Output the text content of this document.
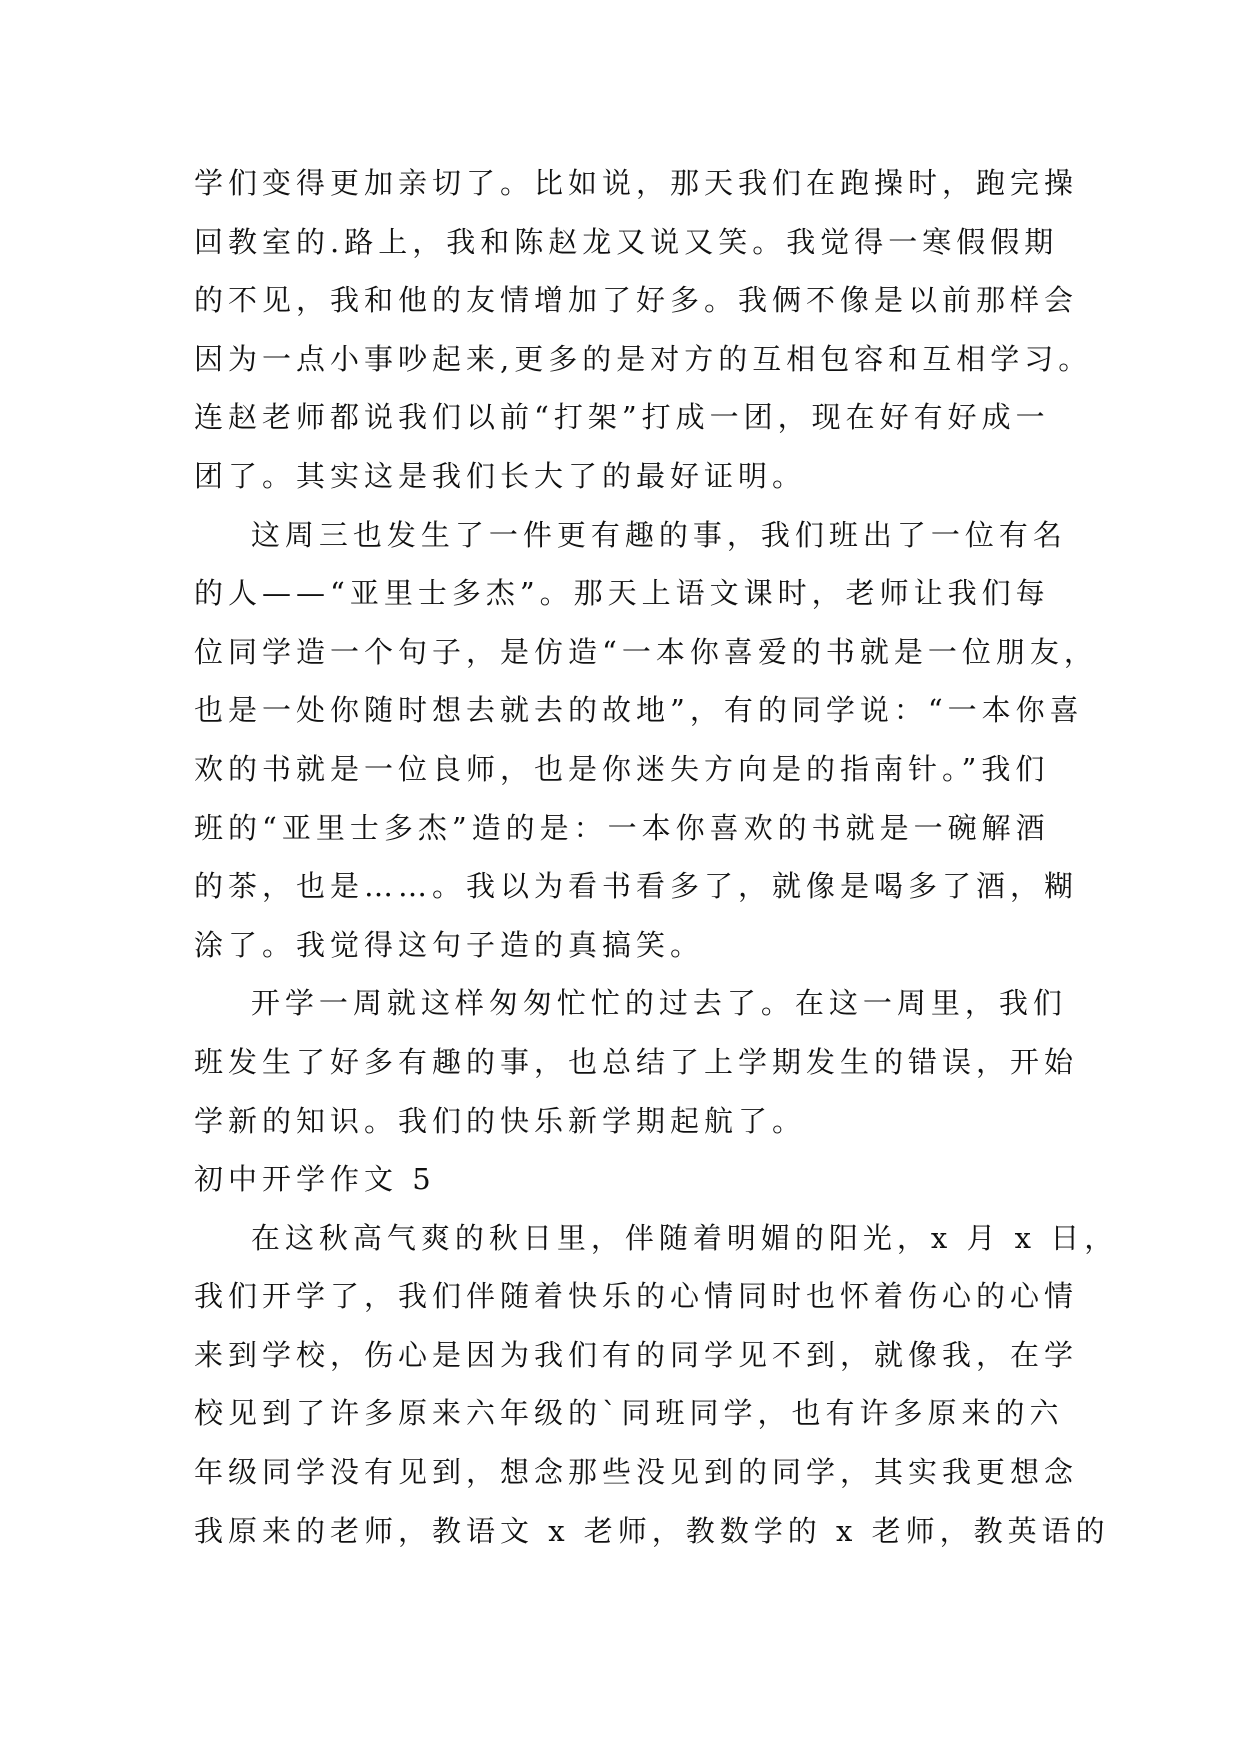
学们变得更加亲切了。比如说，那天我们在跑操时，跑完操
回教室的.路上，我和陈赵龙又说又笑。我觉得一寒假假期
的不见，我和他的友情增加了好多。我俩不像是以前那样会
因为一点小事吵起来,更多的是对方的互相包容和互相学习。
连赵老师都说我们以前“打架”打成一团，现在好有好成一
团了。其实这是我们长大了的最好证明。
这周三也发生了一件更有趣的事，我们班出了一位有名
的人——“亚里士多杰”。那天上语文课时，老师让我们每
位同学造一个句子，是仿造“一本你喜爱的书就是一位朋友，
也是一处你随时想去就去的故地”，有的同学说：“一本你喜
欢的书就是一位良师，也是你迷失方向是的指南针。”我们
班的“亚里士多杰”造的是：一本你喜欢的书就是一碗解酒
的茶，也是……。我以为看书看多了，就像是喝多了酒，糊
涂了。我觉得这句子造的真搞笑。
开学一周就这样匆匆忙忙的过去了。在这一周里，我们
班发生了好多有趣的事，也总结了上学期发生的错误，开始
学新的知识。我们的快乐新学期起航了。
初中开学作文 5
在这秋高气爽的秋日里，伴随着明媚的阳光，x 月 x 日，
我们开学了，我们伴随着快乐的心情同时也怀着伤心的心情
来到学校，伤心是因为我们有的同学见不到，就像我，在学
校见到了许多原来六年级的`同班同学，也有许多原来的六
年级同学没有见到，想念那些没见到的同学，其实我更想念
我原来的老师，教语文 x 老师，教数学的 x 老师，教英语的
